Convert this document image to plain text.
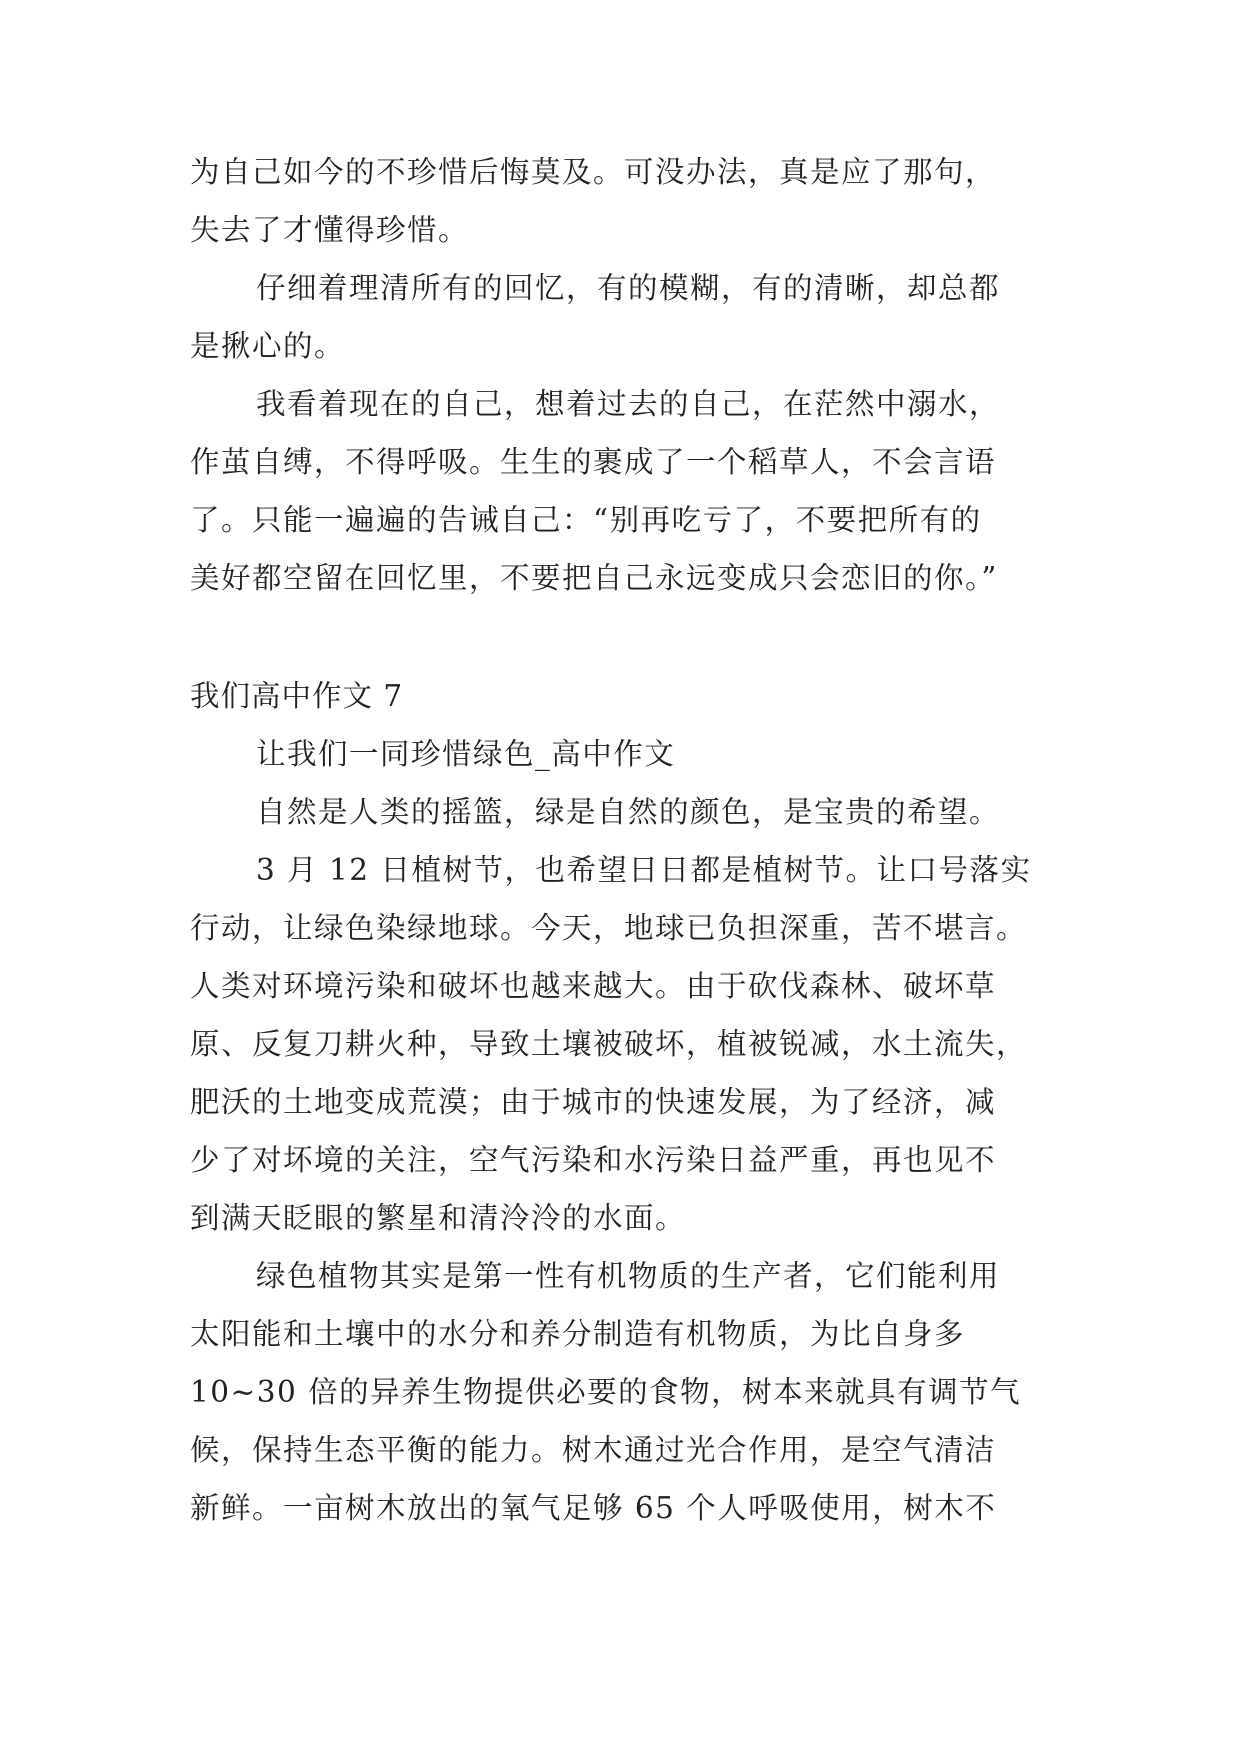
为自己如今的不珍惜后悔莫及。可没办法，真是应了那句，
失去了才懂得珍惜。
仔细着理清所有的回忆，有的模糊，有的清晰，却总都
是揪心的。
我看着现在的自己，想着过去的自己，在茫然中溺水，
作茧自缚，不得呼吸。生生的裹成了一个稻草人，不会言语
了。只能一遍遍的告诫自己：“别再吃亏了，不要把所有的
美好都空留在回忆里，不要把自己永远变成只会恋旧的你。”
我们高中作文 7
让我们一同珍惜绿色_高中作文
自然是人类的摇篮，绿是自然的颜色，是宝贵的希望。
3 月 12 日植树节，也希望日日都是植树节。让口号落实
行动，让绿色染绿地球。今天，地球已负担深重，苦不堪言。
人类对环境污染和破坏也越来越大。由于砍伐森林、破坏草
原、反复刀耕火种，导致土壤被破坏，植被锐减，水土流失，
肥沃的土地变成荒漠；由于城市的快速发展，为了经济，减
少了对坏境的关注，空气污染和水污染日益严重，再也见不
到满天眨眼的繁星和清泠泠的水面。
绿色植物其实是第一性有机物质的生产者，它们能利用
太阳能和土壤中的水分和养分制造有机物质，为比自身多
10~30 倍的异养生物提供必要的食物，树本来就具有调节气
候，保持生态平衡的能力。树木通过光合作用，是空气清洁
新鲜。一亩树木放出的氧气足够 65 个人呼吸使用，树木不
